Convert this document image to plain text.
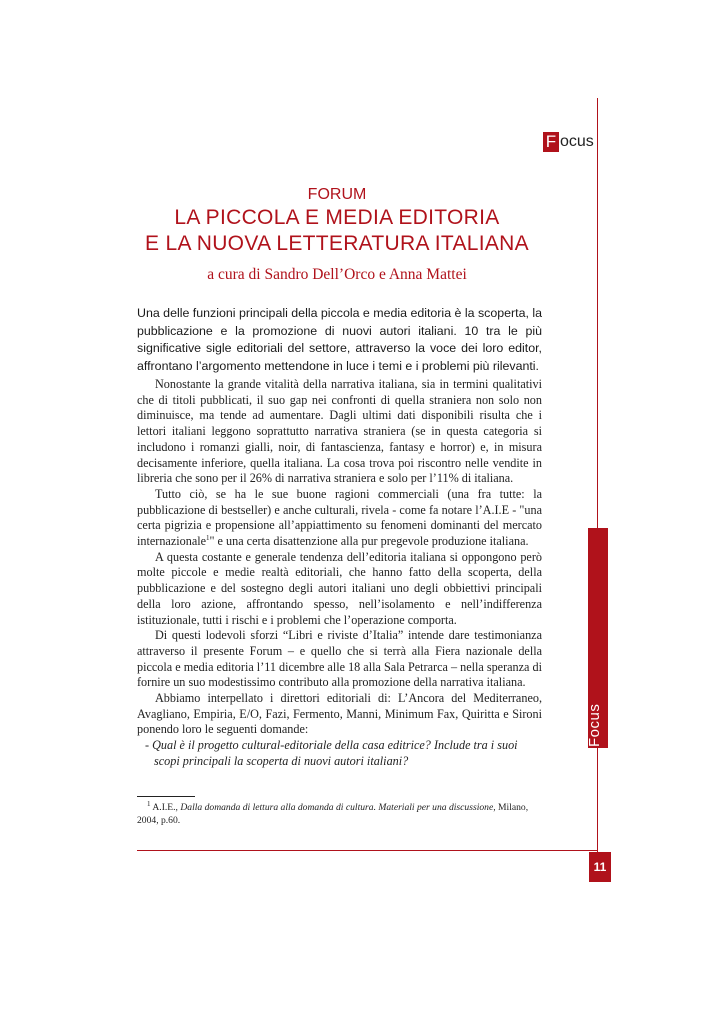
F ocus
FORUM
LA PICCOLA E MEDIA EDITORIA
E LA NUOVA LETTERATURA ITALIANA
a cura di Sandro Dell’Orco e Anna Mattei
Una delle funzioni principali della piccola e media editoria è la scoperta, la pubblicazione e la promozione di nuovi autori italiani. 10 tra le più significative sigle editoriali del settore, attraverso la voce dei loro editor, affrontano l’argomento mettendone in luce i temi e i problemi più rilevanti.

Nonostante la grande vitalità della narrativa italiana, sia in termini qualitativi che di titoli pubblicati, il suo gap nei confronti di quella straniera non solo non diminuisce, ma tende ad aumentare. Dagli ultimi dati disponibili risulta che i lettori italiani leggono soprattutto narrativa straniera (se in questa categoria si includono i romanzi gialli, noir, di fantascienza, fantasy e horror) e, in misura decisamente inferiore, quella italiana. La cosa trova poi riscontro nelle vendite in libreria che sono per il 26% di narrativa straniera e solo per l’11% di italiana.

Tutto ciò, se ha le sue buone ragioni commerciali (una fra tutte: la pubblicazione di bestseller) e anche culturali, rivela - come fa notare l’A.I.E - "una certa pigrizia e propensione all’appiattimento su fenomeni dominanti del mercato internazionale$^1$" e una certa disattenzione alla pur pregevole produzione italiana.

A questa costante e generale tendenza dell’editoria italiana si oppongono però molte piccole e medie realtà editoriali, che hanno fatto della scoperta, della pubblicazione e del sostegno degli autori italiani uno degli obbiettivi principali della loro azione, affrontando spesso, nell’isolamento e nell’indifferenza istituzionale, tutti i rischi e i problemi che l’operazione comporta.

Di questi lodevoli sforzi “Libri e riviste d’Italia” intende dare testimonianza attraverso il presente Forum – e quello che si terrà alla Fiera nazionale della piccola e media editoria l’11 dicembre alle 18 alla Sala Petrarca – nella speranza di fornire un suo modestissimo contributo alla promozione della narrativa italiana.

Abbiamo interpellato i direttori editoriali di: L’Ancora del Mediterraneo, Avagliano, Empiria, E/O, Fazi, Fermento, Manni, Minimum Fax, Quiritta e Sironi ponendo loro le seguenti domande:

- Qual è il progetto cultural-editoriale della casa editrice? Include tra i suoi
scopi principali la scoperta di nuovi autori italiani?

$^1$ A.I.E., Dalla domanda di lettura alla domanda di cultura. Materiali per una discussione, Milano, 2004, p.60.
Focus
11
